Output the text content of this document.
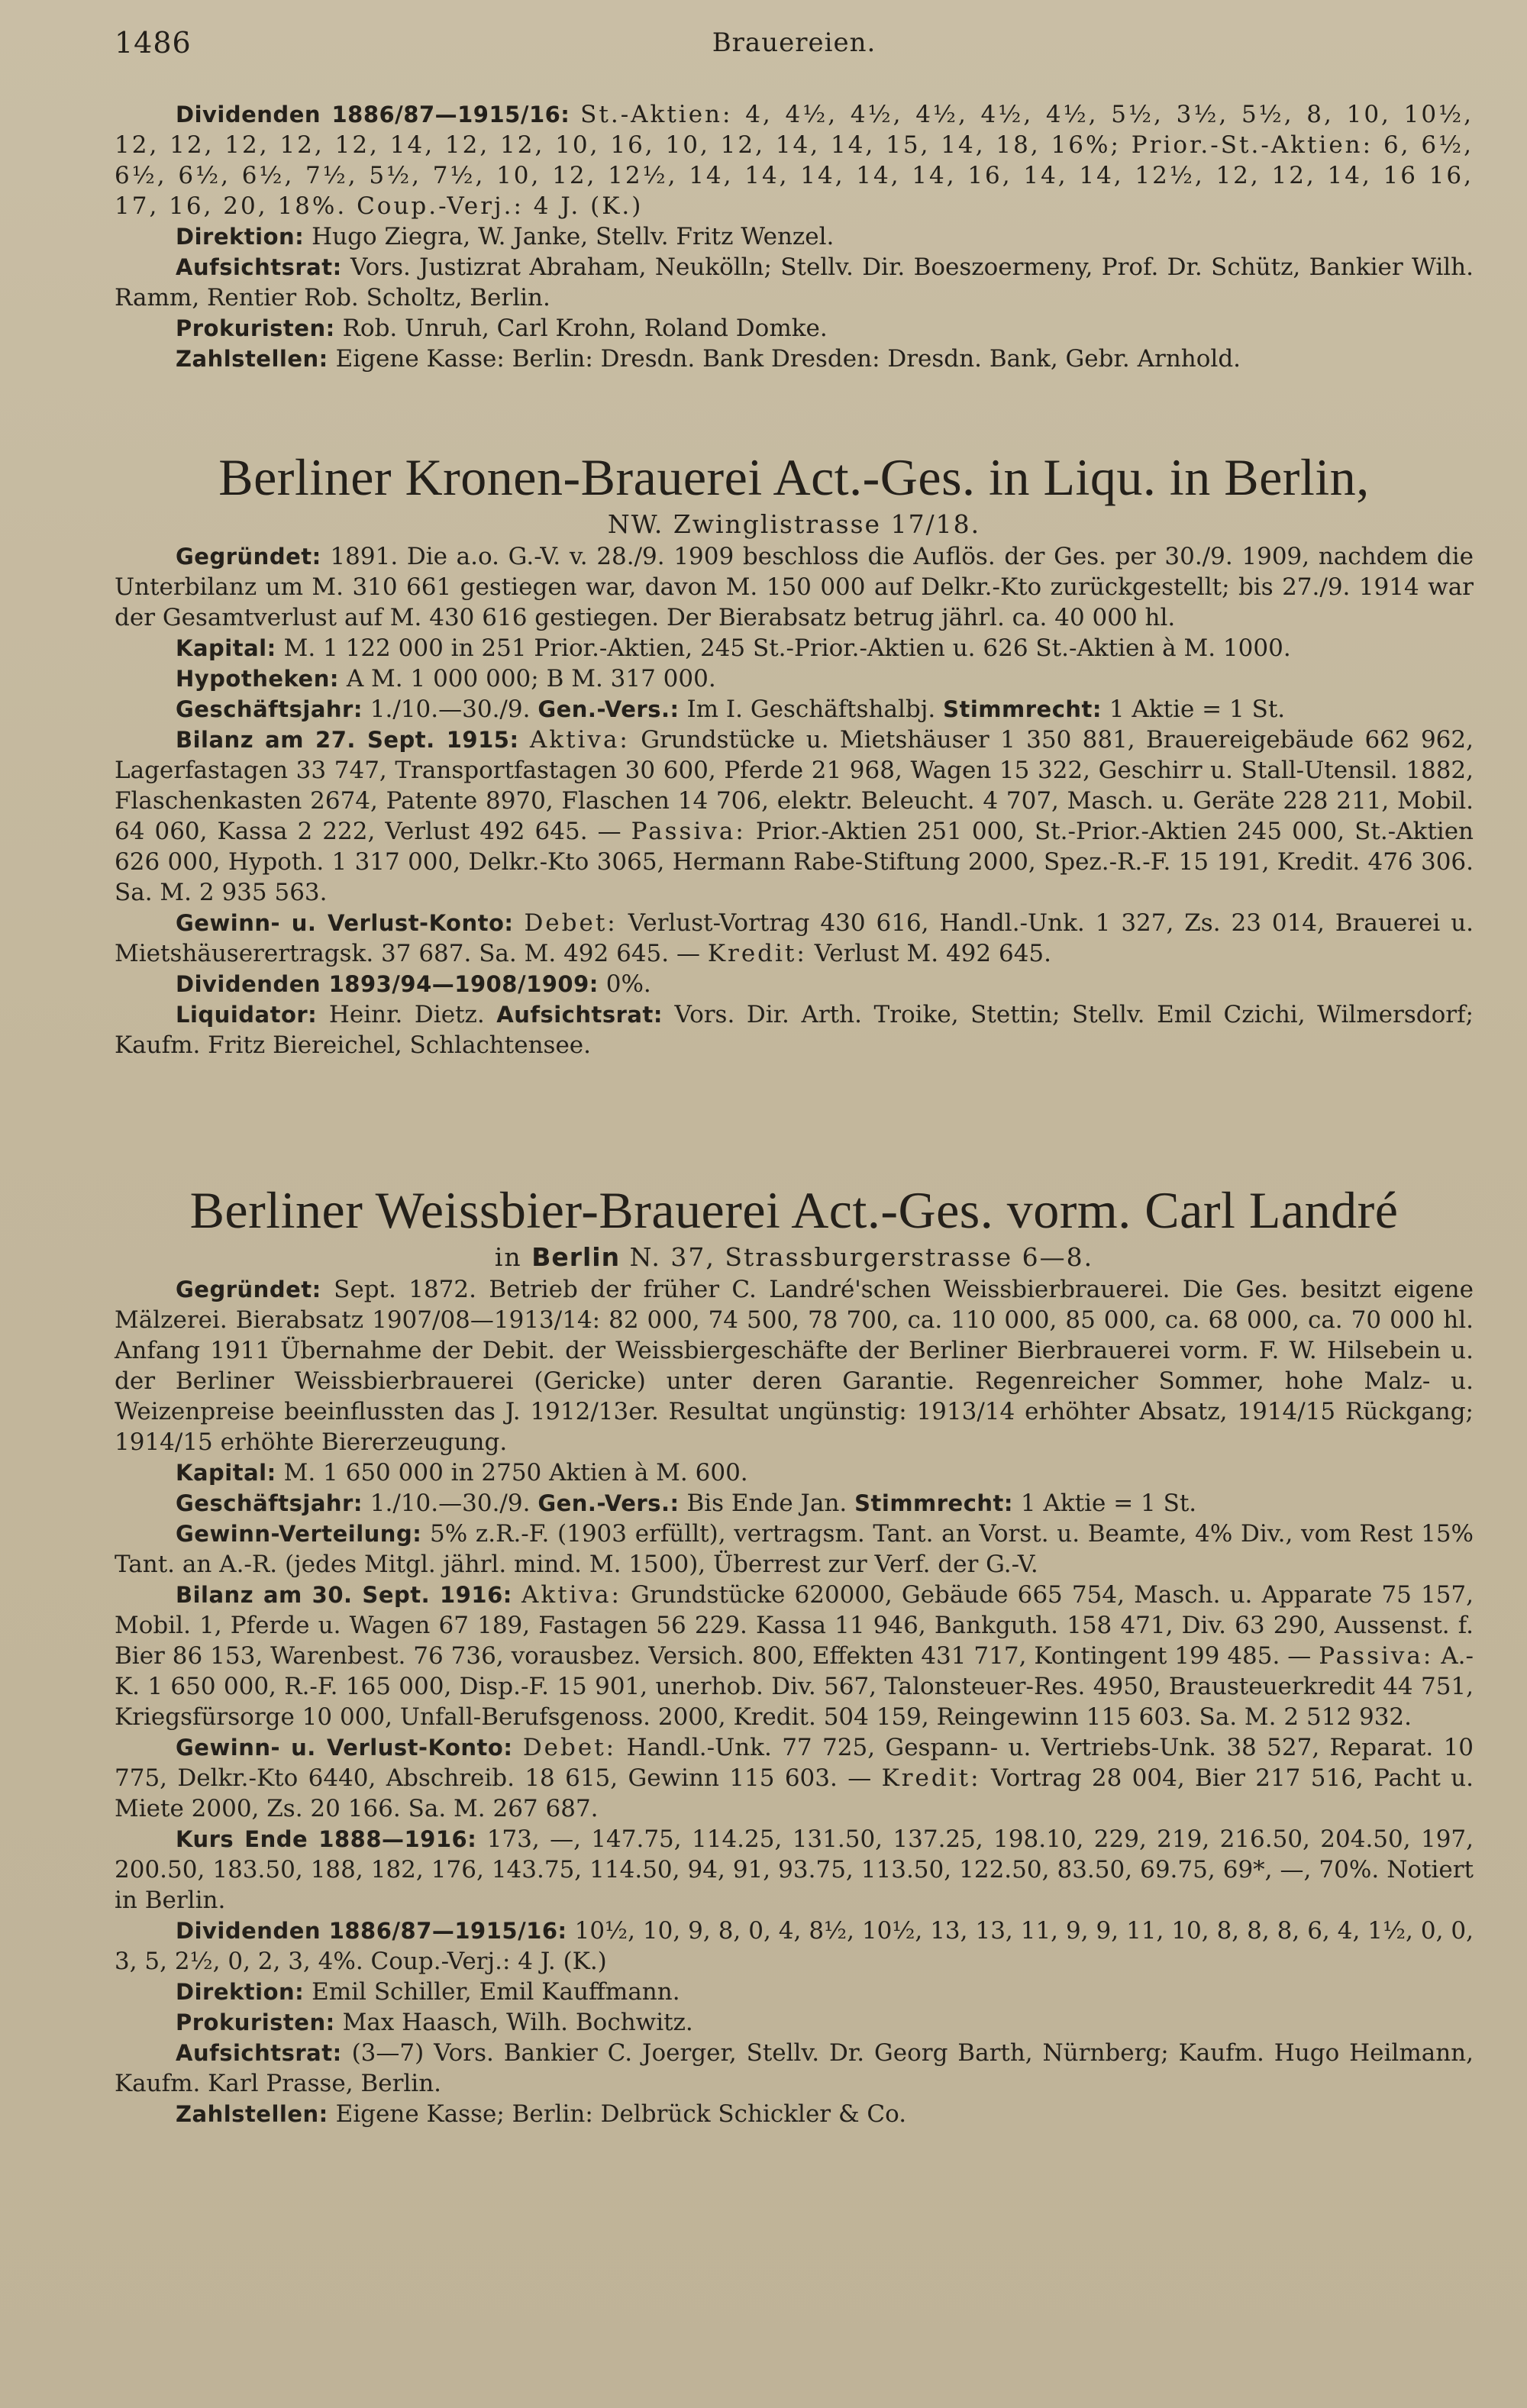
1486	Brauereien.

Dividenden 1886/87—1915/16: St.-Aktien: 4, 4½, 4½, 4½, 4½, 4½, 5½, 3½, 5½, 8, 10, 10½, 12, 12, 12, 12, 12, 14, 12, 12, 10, 16, 10, 12, 14, 14, 15, 14, 18, 16%; Prior.-St.-Aktien: 6, 6½, 6½, 6½, 6½, 7½, 5½, 7½, 10, 12, 12½, 14, 14, 14, 14, 14, 16, 14, 14, 12½, 12, 12, 14, 16 16, 17, 16, 20, 18%. Coup.-Verj.: 4 J. (K.)

Direktion: Hugo Ziegra, W. Janke, Stellv. Fritz Wenzel.

Aufsichtsrat: Vors. Justizrat Abraham, Neukölln; Stellv. Dir. Boeszoermeny, Prof. Dr. Schütz, Bankier Wilh. Ramm, Rentier Rob. Scholtz, Berlin.

Prokuristen: Rob. Unruh, Carl Krohn, Roland Domke.

Zahlstellen: Eigene Kasse: Berlin: Dresdn. Bank Dresden: Dresdn. Bank, Gebr. Arnhold.

Berliner Kronen-Brauerei Act.-Ges. in Liqu. in Berlin,

NW. Zwinglistrasse 17/18.

Gegründet: 1891. Die a.o. G.-V. v. 28./9. 1909 beschloss die Auflös. der Ges. per 30./9. 1909, nachdem die Unterbilanz um M. 310 661 gestiegen war, davon M. 150 000 auf Delkr.-Kto zurückgestellt; bis 27./9. 1914 war der Gesamtverlust auf M. 430 616 gestiegen. Der Bierabsatz betrug jährl. ca. 40 000 hl.

Kapital: M. 1 122 000 in 251 Prior.-Aktien, 245 St.-Prior.-Aktien u. 626 St.-Aktien à M. 1000.

Hypotheken: A M. 1 000 000; B M. 317 000.

Geschäftsjahr: 1./10.—30./9. Gen.-Vers.: Im I. Geschäftshalbj. Stimmrecht: 1 Aktie = 1 St.

Bilanz am 27. Sept. 1915: Aktiva: Grundstücke u. Mietshäuser 1 350 881, Brauereigebäude 662 962, Lagerfastagen 33 747, Transportfastagen 30 600, Pferde 21 968, Wagen 15 322, Geschirr u. Stall-Utensil. 1882, Flaschenkasten 2674, Patente 8970, Flaschen 14 706, elektr. Beleucht. 4 707, Masch. u. Geräte 228 211, Mobil. 64 060, Kassa 2 222, Verlust 492 645. — Passiva: Prior.-Aktien 251 000, St.-Prior.-Aktien 245 000, St.-Aktien 626 000, Hypoth. 1 317 000, Delkr.-Kto 3065, Hermann Rabe-Stiftung 2000, Spez.-R.-F. 15 191, Kredit. 476 306. Sa. M. 2 935 563.

Gewinn- u. Verlust-Konto: Debet: Verlust-Vortrag 430 616, Handl.-Unk. 1 327, Zs. 23 014, Brauerei u. Mietshäuserertragsk. 37 687. Sa. M. 492 645. — Kredit: Verlust M. 492 645.

Dividenden 1893/94—1908/1909: 0%.

Liquidator: Heinr. Dietz. Aufsichtsrat: Vors. Dir. Arth. Troike, Stettin; Stellv. Emil Czichi, Wilmersdorf; Kaufm. Fritz Biereichel, Schlachtensee.

Berliner Weissbier-Brauerei Act.-Ges. vorm. Carl Landré

in Berlin N. 37, Strassburgerstrasse 6—8.

Gegründet: Sept. 1872. Betrieb der früher C. Landré'schen Weissbierbrauerei. Die Ges. besitzt eigene Mälzerei. Bierabsatz 1907/08—1913/14: 82 000, 74 500, 78 700, ca. 110 000, 85 000, ca. 68 000, ca. 70 000 hl. Anfang 1911 Übernahme der Debit. der Weissbiergeschäfte der Berliner Bierbrauerei vorm. F. W. Hilsebein u. der Berliner Weissbierbrauerei (Gericke) unter deren Garantie. Regenreicher Sommer, hohe Malz- u. Weizenpreise beeinflussten das J. 1912/13er. Resultat ungünstig: 1913/14 erhöhter Absatz, 1914/15 Rückgang; 1914/15 erhöhte Biererzeugung.

Kapital: M. 1 650 000 in 2750 Aktien à M. 600.

Geschäftsjahr: 1./10.—30./9. Gen.-Vers.: Bis Ende Jan. Stimmrecht: 1 Aktie = 1 St.

Gewinn-Verteilung: 5% z.R.-F. (1903 erfüllt), vertragsm. Tant. an Vorst. u. Beamte, 4% Div., vom Rest 15% Tant. an A.-R. (jedes Mitgl. jährl. mind. M. 1500), Überrest zur Verf. der G.-V.

Bilanz am 30. Sept. 1916: Aktiva: Grundstücke 620000, Gebäude 665 754, Masch. u. Apparate 75 157, Mobil. 1, Pferde u. Wagen 67 189, Fastagen 56 229. Kassa 11 946, Bankguth. 158 471, Div. 63 290, Aussenst. f. Bier 86 153, Warenbest. 76 736, vorausbez. Versich. 800, Effekten 431 717, Kontingent 199 485. — Passiva: A.-K. 1 650 000, R.-F. 165 000, Disp.-F. 15 901, unerhob. Div. 567, Talonsteuer-Res. 4950, Brausteuerkredit 44 751, Kriegsfürsorge 10 000, Unfall-Berufsgenoss. 2000, Kredit. 504 159, Reingewinn 115 603. Sa. M. 2 512 932.

Gewinn- u. Verlust-Konto: Debet: Handl.-Unk. 77 725, Gespann- u. Vertriebs-Unk. 38 527, Reparat. 10 775, Delkr.-Kto 6440, Abschreib. 18 615, Gewinn 115 603. — Kredit: Vortrag 28 004, Bier 217 516, Pacht u. Miete 2000, Zs. 20 166. Sa. M. 267 687.

Kurs Ende 1888—1916: 173, —, 147.75, 114.25, 131.50, 137.25, 198.10, 229, 219, 216.50, 204.50, 197, 200.50, 183.50, 188, 182, 176, 143.75, 114.50, 94, 91, 93.75, 113.50, 122.50, 83.50, 69.75, 69*, —, 70%. Notiert in Berlin.

Dividenden 1886/87—1915/16: 10½, 10, 9, 8, 0, 4, 8½, 10½, 13, 13, 11, 9, 9, 11, 10, 8, 8, 8, 6, 4, 1½, 0, 0, 3, 5, 2½, 0, 2, 3, 4%. Coup.-Verj.: 4 J. (K.)

Direktion: Emil Schiller, Emil Kauffmann.

Prokuristen: Max Haasch, Wilh. Bochwitz.

Aufsichtsrat: (3—7) Vors. Bankier C. Joerger, Stellv. Dr. Georg Barth, Nürnberg; Kaufm. Hugo Heilmann, Kaufm. Karl Prasse, Berlin.

Zahlstellen: Eigene Kasse; Berlin: Delbrück Schickler & Co.
